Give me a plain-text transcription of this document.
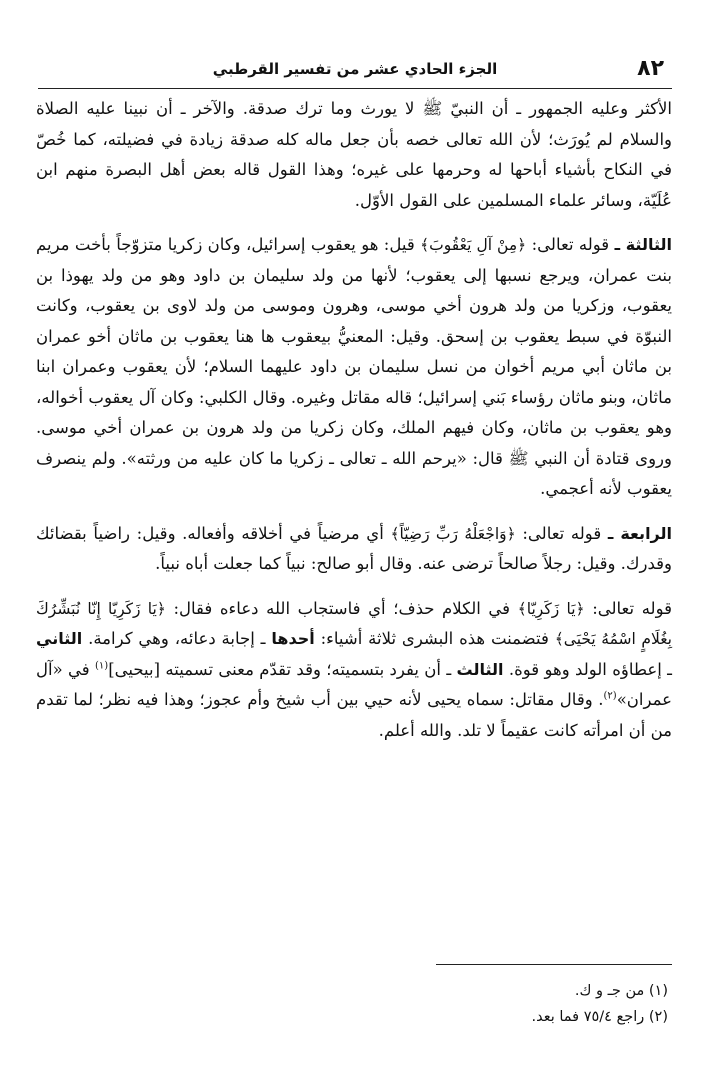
٨٢
الجزء الحادي عشر من تفسير القرطبي

الأكثر وعليه الجمهور ـ أن النبيّ ﷺ لا يورث وما ترك صدقة. والآخر ـ أن نبينا عليه الصلاة والسلام لم يُورَث؛ لأن الله تعالى خصه بأن جعل ماله كله صدقة زيادة في فضيلته، كما خُصّ في النكاح بأشياء أباحها له وحرمها على غيره؛ وهذا القول قاله بعض أهل البصرة منهم ابن عُلَيّة، وسائر علماء المسلمين على القول الأوّل.

الثالثة ـ قوله تعالى: ﴿مِنْ آلِ يَعْقُوبَ﴾ قيل: هو يعقوب إسرائيل، وكان زكريا متزوّجاً بأخت مريم بنت عمران، ويرجع نسبها إلى يعقوب؛ لأنها من ولد سليمان بن داود وهو من ولد يهوذا بن يعقوب، وزكريا من ولد هرون أخي موسى، وهرون وموسى من ولد لاوى بن يعقوب، وكانت النبوّة في سبط يعقوب بن إسحق. وقيل: المعنيُّ بيعقوب ها هنا يعقوب بن ماثان أخو عمران بن ماثان أبي مريم أخوان من نسل سليمان بن داود عليهما السلام؛ لأن يعقوب وعمران ابنا ماثان، وبنو ماثان رؤساء بَني إسرائيل؛ قاله مقاتل وغيره. وقال الكلبي: وكان آل يعقوب أخواله، وهو يعقوب بن ماثان، وكان فيهم الملك، وكان زكريا من ولد هرون بن عمران أخي موسى. وروى قتادة أن النبي ﷺ قال: «يرحم الله ـ تعالى ـ زكريا ما كان عليه من ورثته». ولم ينصرف يعقوب لأنه أعجمي.

الرابعة ـ قوله تعالى: ﴿وَاجْعَلْهُ رَبِّ رَضِيّاً﴾ أي مرضياً في أخلاقه وأفعاله. وقيل: راضياً بقضائك وقدرك. وقيل: رجلاً صالحاً ترضى عنه. وقال أبو صالح: نبياً كما جعلت أباه نبياً.

قوله تعالى: ﴿يَا زَكَرِيّا﴾ في الكلام حذف؛ أي فاستجاب الله دعاءه فقال: ﴿يَا زَكَرِيّا إِنّا نُبَشِّرُكَ بِغُلَامٍ اسْمُهُ يَحْيَى﴾ فتضمنت هذه البشرى ثلاثة أشياء: أحدها ـ إجابة دعائه، وهي كرامة. الثاني ـ إعطاؤه الولد وهو قوة. الثالث ـ أن يفرد بتسميته؛ وقد تقدّم معنى تسميته [بيحيى]$^{(١)}$ في «آل عمران»$^{(٢)}$. وقال مقاتل: سماه يحيى لأنه حيي بين أب شيخ وأم عجوز؛ وهذا فيه نظر؛ لما تقدم من أن امرأته كانت عقيماً لا تلد. والله أعلم.

(١) من جـ و ك.
(٢) راجع ٧٥/٤ فما بعد.
